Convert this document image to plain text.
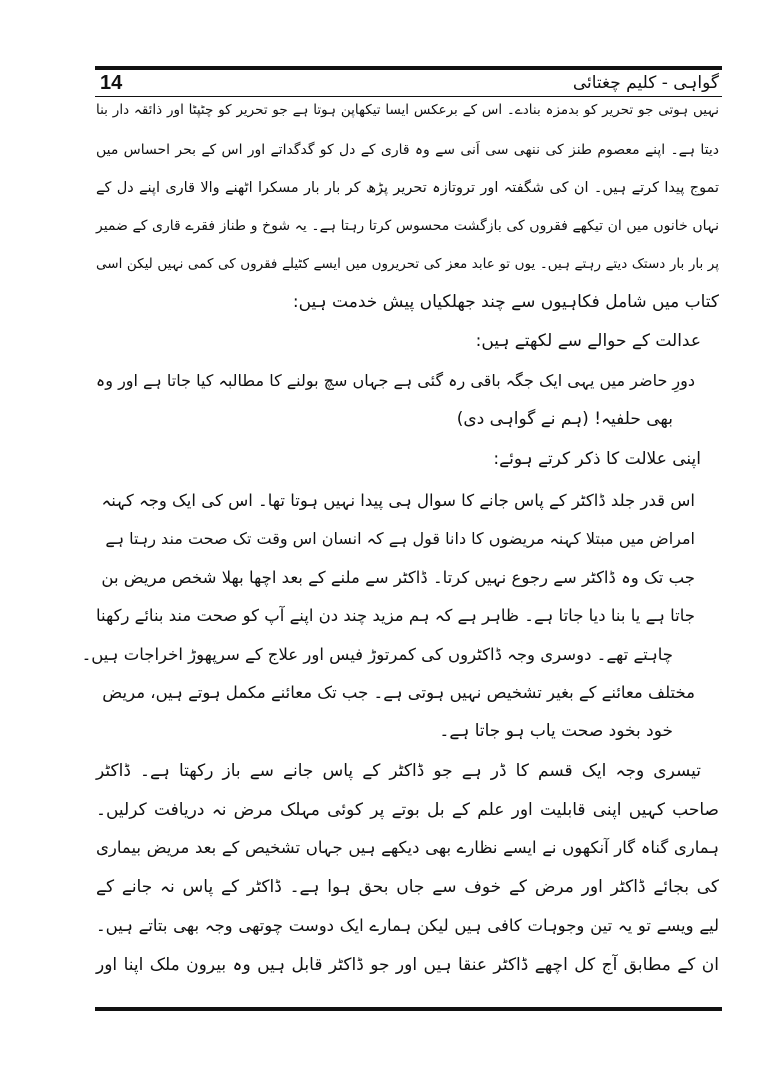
14	گواہی - کلیم چغتائی
نہیں ہوتی جو تحریر کو بدمزہ بنادے۔ اس کے برعکس ایسا تیکھاپن ہوتا ہے جو تحریر کو چٹپٹا اور ذائقہ دار بنا
دیتا ہے۔ اپنے معصوم طنز کی ننھی سی اَنی سے وہ قاری کے دل کو گدگداتے اور اس کے بحر احساس میں
تموج پیدا کرتے ہیں۔ ان کی شگفتہ اور تروتازہ تحریر پڑھ کر بار بار مسکرا اٹھنے والا قاری اپنے دل کے
نہاں خانوں میں ان تیکھے فقروں کی بازگشت محسوس کرتا رہتا ہے۔ یہ شوخ و طناز فقرے قاری کے ضمیر
پر بار بار دستک دیتے رہتے ہیں۔ یوں تو عابد معز کی تحریروں میں ایسے کٹیلے فقروں کی کمی نہیں لیکن اسی
کتاب میں شامل فکاہیوں سے چند جھلکیاں پیش خدمت ہیں:
عدالت کے حوالے سے لکھتے ہیں:
دورِ حاضر میں یہی ایک جگہ باقی رہ گئی ہے جہاں سچ بولنے کا مطالبہ کیا جاتا ہے اور وہ
بھی حلفیہ! (ہم نے گواہی دی)
اپنی علالت کا ذکر کرتے ہوئے:
اس قدر جلد ڈاکٹر کے پاس جانے کا سوال ہی پیدا نہیں ہوتا تھا۔ اس کی ایک وجہ کہنہ
امراض میں مبتلا کہنہ مریضوں کا دانا قول ہے کہ انسان اس وقت تک صحت مند رہتا ہے
جب تک وہ ڈاکٹر سے رجوع نہیں کرتا۔ ڈاکٹر سے ملنے کے بعد اچھا بھلا شخص مریض بن
جاتا ہے یا بنا دیا جاتا ہے۔ ظاہر ہے کہ ہم مزید چند دن اپنے آپ کو صحت مند بنائے رکھنا
چاہتے تھے۔ دوسری وجہ ڈاکٹروں کی کمرتوڑ فیس اور علاج کے سرپھوڑ اخراجات ہیں۔
مختلف معائنے کے بغیر تشخیص نہیں ہوتی ہے۔ جب تک معائنے مکمل ہوتے ہیں، مریض
خود بخود صحت یاب ہو جاتا ہے۔
تیسری وجہ ایک قسم کا ڈر ہے جو ڈاکٹر کے پاس جانے سے باز رکھتا ہے۔ ڈاکٹر
صاحب کہیں اپنی قابلیت اور علم کے بل بوتے پر کوئی مہلک مرض نہ دریافت کرلیں۔
ہماری گناہ گار آنکھوں نے ایسے نظارے بھی دیکھے ہیں جہاں تشخیص کے بعد مریض بیماری
کی بجائے ڈاکٹر اور مرض کے خوف سے جاں بحق ہوا ہے۔ ڈاکٹر کے پاس نہ جانے کے
لیے ویسے تو یہ تین وجوہات کافی ہیں لیکن ہمارے ایک دوست چوتھی وجہ بھی بتاتے ہیں۔
ان کے مطابق آج کل اچھے ڈاکٹر عنقا ہیں اور جو ڈاکٹر قابل ہیں وہ بیرون ملک اپنا اور
